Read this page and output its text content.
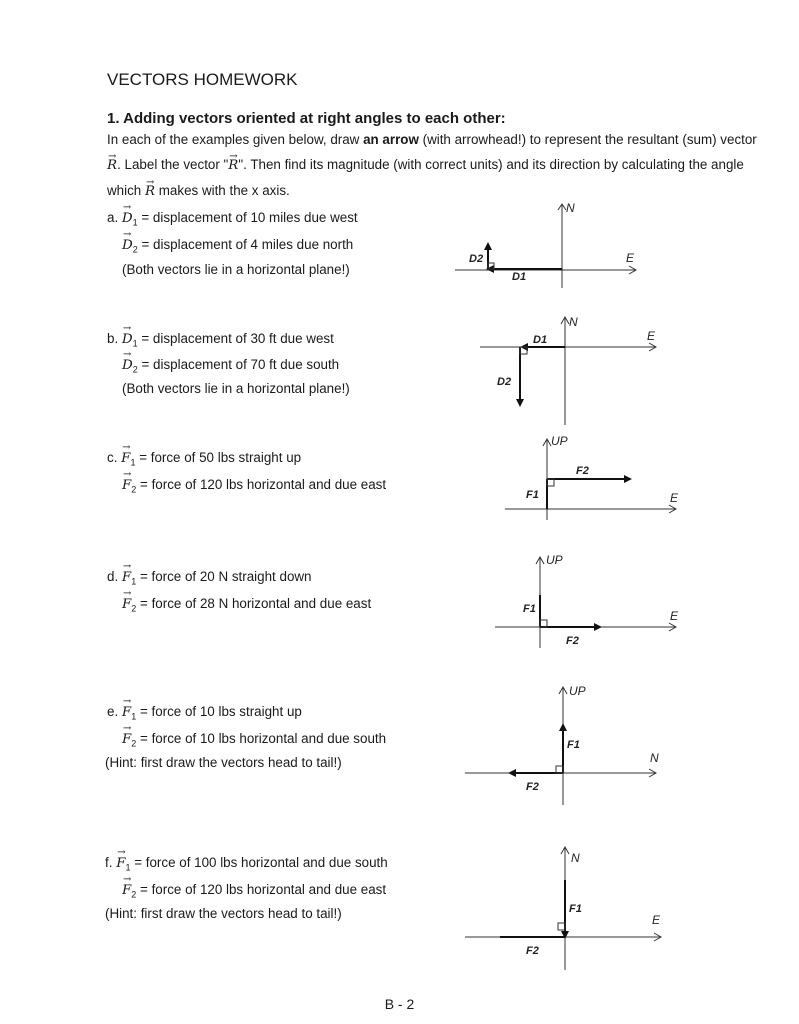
VECTORS HOMEWORK
1. Adding vectors oriented at right angles to each other:
In each of the examples given below, draw an arrow (with arrowhead!) to represent the resultant (sum) vector → R. Label the vector "→ R". Then find its magnitude (with correct units) and its direction by calculating the angle which → R makes with the x axis.
a. → $D_1$ = displacement of 10 miles due west
→ $D_2$ = displacement of 4 miles due north
(Both vectors lie in a horizontal plane!)
N
E
D1
D2
b. → $D_1$ = displacement of 30 ft due west
→ $D_2$ = displacement of 70 ft due south
(Both vectors lie in a horizontal plane!)
N
E
D1
D2
c. → $F_1$ = force of 50 lbs straight up
→ $F_2$ = force of 120 lbs horizontal and due east
UP
E
F1
F2
d. → $F_1$ = force of 20 N straight down
→ $F_2$ = force of 28 N horizontal and due east
UP
E
F1
F2
e. → $F_1$ = force of 10 lbs straight up
→ $F_2$ = force of 10 lbs horizontal and due south
(Hint: first draw the vectors head to tail!)
UP
N
F1
F2
f. → $F_1$ = force of 100 lbs horizontal and due south
→ $F_2$ = force of 120 lbs horizontal and due east
(Hint: first draw the vectors head to tail!)
N
E
F1
F2
B - 2
